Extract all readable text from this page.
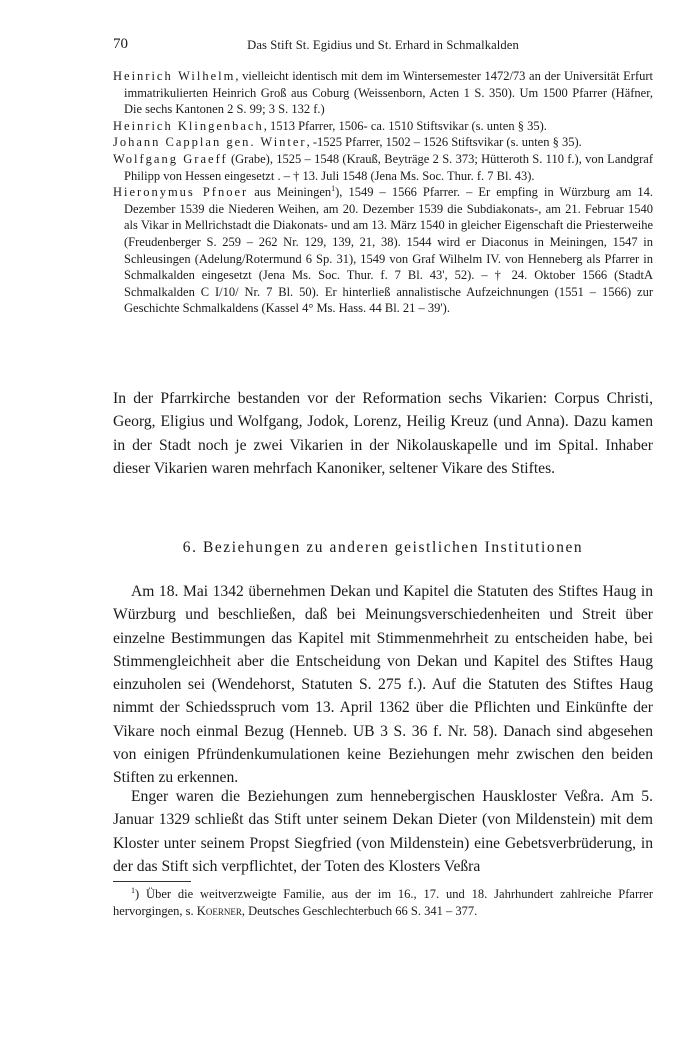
70	Das Stift St. Egidius und St. Erhard in Schmalkalden
Heinrich Wilhelm, vielleicht identisch mit dem im Wintersemester 1472/73 an der Universität Erfurt immatrikulierten Heinrich Groß aus Coburg (Weissenborn, Acten 1 S. 350). Um 1500 Pfarrer (Häfner, Die sechs Kantonen 2 S. 99; 3 S. 132 f.)
Heinrich Klingenbach, 1513 Pfarrer, 1506- ca. 1510 Stiftsvikar (s. unten § 35).
Johann Capplan gen. Winter, -1525 Pfarrer, 1502 – 1526 Stiftsvikar (s. unten § 35).
Wolfgang Graeff (Grabe), 1525 – 1548 (Krauß, Beyträge 2 S. 373; Hütteroth S. 110 f.), von Landgraf Philipp von Hessen eingesetzt . – † 13. Juli 1548 (Jena Ms. Soc. Thur. f. 7 Bl. 43).
Hieronymus Pfnoer aus Meiningen$^1$), 1549 – 1566 Pfarrer. – Er empfing in Würzburg am 14. Dezember 1539 die Niederen Weihen, am 20. Dezember 1539 die Subdiakonats-, am 21. Februar 1540 als Vikar in Mellrichstadt die Diakonats- und am 13. März 1540 in gleicher Eigenschaft die Priesterweihe (Freudenberger S. 259 – 262 Nr. 129, 139, 21, 38). 1544 wird er Diaconus in Meiningen, 1547 in Schleusingen (Adelung/Rotermund 6 Sp. 31), 1549 von Graf Wilhelm IV. von Henneberg als Pfarrer in Schmalkalden eingesetzt (Jena Ms. Soc. Thur. f. 7 Bl. 43', 52). – † 24. Oktober 1566 (StadtA Schmalkalden C I/10/ Nr. 7 Bl. 50). Er hinterließ annalistische Aufzeichnungen (1551 – 1566) zur Geschichte Schmalkaldens (Kassel 4° Ms. Hass. 44 Bl. 21 – 39').
In der Pfarrkirche bestanden vor der Reformation sechs Vikarien: Corpus Christi, Georg, Eligius und Wolfgang, Jodok, Lorenz, Heilig Kreuz (und Anna). Dazu kamen in der Stadt noch je zwei Vikarien in der Nikolauskapelle und im Spital. Inhaber dieser Vikarien waren mehrfach Kanoniker, seltener Vikare des Stiftes.
6. Beziehungen zu anderen geistlichen Institutionen
Am 18. Mai 1342 übernehmen Dekan und Kapitel die Statuten des Stiftes Haug in Würzburg und beschließen, daß bei Meinungsverschiedenheiten und Streit über einzelne Bestimmungen das Kapitel mit Stimmenmehrheit zu entscheiden habe, bei Stimmengleichheit aber die Entscheidung von Dekan und Kapitel des Stiftes Haug einzuholen sei (Wendehorst, Statuten S. 275 f.). Auf die Statuten des Stiftes Haug nimmt der Schiedsspruch vom 13. April 1362 über die Pflichten und Einkünfte der Vikare noch einmal Bezug (Henneb. UB 3 S. 36 f. Nr. 58). Danach sind abgesehen von einigen Pfründenkumulationen keine Beziehungen mehr zwischen den beiden Stiften zu erkennen.
Enger waren die Beziehungen zum hennebergischen Hauskloster Veßra. Am 5. Januar 1329 schließt das Stift unter seinem Dekan Dieter (von Mildenstein) mit dem Kloster unter seinem Propst Siegfried (von Mildenstein) eine Gebetsverbrüderung, in der das Stift sich verpflichtet, der Toten des Klosters Veßra
$^1$) Über die weitverzweigte Familie, aus der im 16., 17. und 18. Jahrhundert zahlreiche Pfarrer hervorgingen, s. Koerner, Deutsches Geschlechterbuch 66 S. 341 – 377.
